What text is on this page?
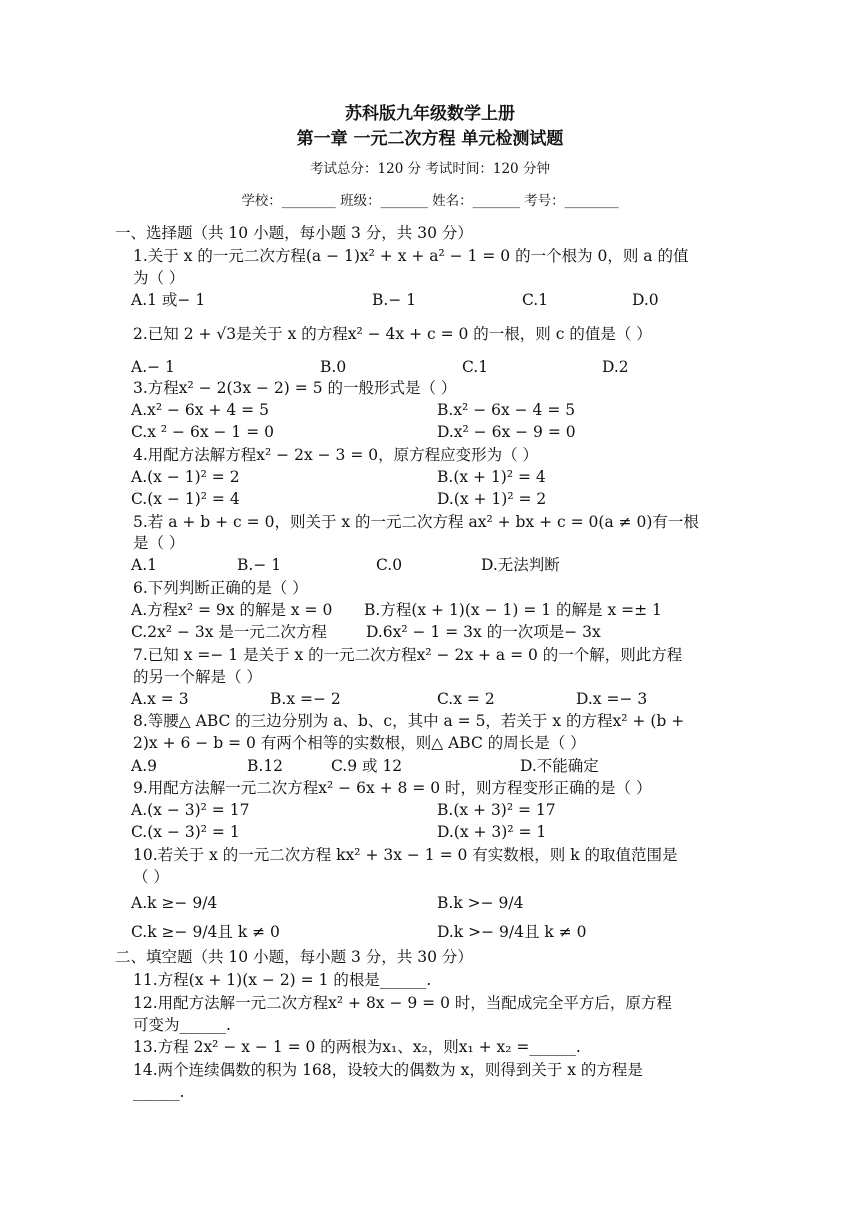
苏科版九年级数学上册
第一章 一元二次方程 单元检测试题
考试总分：120 分 考试时间：120 分钟
学校：________ 班级：_______ 姓名：_______ 考号：________
一、选择题（共 10 小题，每小题 3 分，共 30 分）
1.关于 x 的一元二次方程(a − 1)x² + x + a² − 1 = 0 的一个根为 0，则 a 的值
为（ ）
A.1 或− 1	B.− 1	C.1	D.0
2.已知 2 + √3是关于 x 的方程x² − 4x + c = 0 的一根，则 c 的值是（ ）
A.− 1	B.0	C.1	D.2
3.方程x² − 2(3x − 2) = 5 的一般形式是（ ）
A.x² − 6x + 4 = 5	B.x² − 6x − 4 = 5
C.x ² − 6x − 1 = 0	D.x² − 6x − 9 = 0
4.用配方法解方程x² − 2x − 3 = 0，原方程应变形为（ ）
A.(x − 1)² = 2	B.(x + 1)² = 4
C.(x − 1)² = 4	D.(x + 1)² = 2
5.若 a + b + c = 0，则关于 x 的一元二次方程 ax² + bx + c = 0(a ≠ 0)有一根
是（ ）
A.1	B.− 1	C.0	D.无法判断
6.下列判断正确的是（ ）
A.方程x² = 9x 的解是 x = 0 B.方程(x + 1)(x − 1) = 1 的解是 x =± 1
C.2x² − 3x 是一元二次方程	D.6x² − 1 = 3x 的一次项是− 3x
7.已知 x =− 1 是关于 x 的一元二次方程x² − 2x + a = 0 的一个解，则此方程
的另一个解是（ ）
A.x = 3	B.x =− 2	C.x = 2	D.x =− 3
8.等腰△ ABC 的三边分别为 a、b、c，其中 a = 5，若关于 x 的方程x² + (b +
2)x + 6 − b = 0 有两个相等的实数根，则△ ABC 的周长是（ ）
A.9	B.12	C.9 或 12	D.不能确定
9.用配方法解一元二次方程x² − 6x + 8 = 0 时，则方程变形正确的是（ ）
A.(x − 3)² = 17	B.(x + 3)² = 17
C.(x − 3)² = 1	D.(x + 3)² = 1
10.若关于 x 的一元二次方程 kx² + 3x − 1 = 0 有实数根，则 k 的取值范围是
（ ）
A.k ≥− 9/4	B.k >− 9/4
C.k ≥− 9/4且 k ≠ 0	D.k >− 9/4且 k ≠ 0
二、填空题（共 10 小题，每小题 3 分，共 30 分）
11.方程(x + 1)(x − 2) = 1 的根是______.
12.用配方法解一元二次方程x² + 8x − 9 = 0 时，当配成完全平方后，原方程
可变为______.
13.方程 2x² − x − 1 = 0 的两根为x₁、x₂，则x₁ + x₂ =______.
14.两个连续偶数的积为 168，设较大的偶数为 x，则得到关于 x 的方程是
______.
